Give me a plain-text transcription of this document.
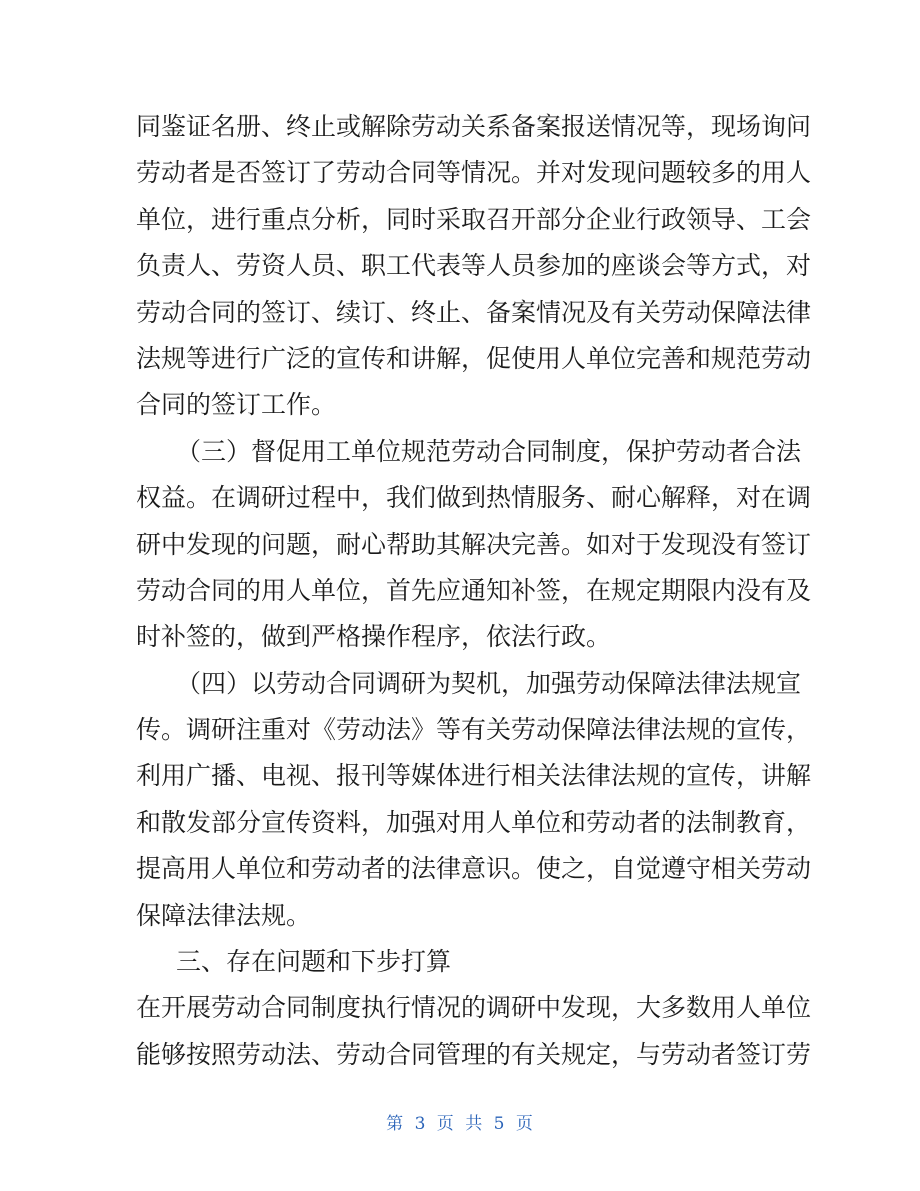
同鉴证名册、终止或解除劳动关系备案报送情况等，现场询问
劳动者是否签订了劳动合同等情况。并对发现问题较多的用人
单位，进行重点分析，同时采取召开部分企业行政领导、工会
负责人、劳资人员、职工代表等人员参加的座谈会等方式，对
劳动合同的签订、续订、终止、备案情况及有关劳动保障法律
法规等进行广泛的宣传和讲解，促使用人单位完善和规范劳动
合同的签订工作。
（三）督促用工单位规范劳动合同制度，保护劳动者合法
权益。在调研过程中，我们做到热情服务、耐心解释，对在调
研中发现的问题，耐心帮助其解决完善。如对于发现没有签订
劳动合同的用人单位，首先应通知补签，在规定期限内没有及
时补签的，做到严格操作程序，依法行政。
（四）以劳动合同调研为契机，加强劳动保障法律法规宣
传。调研注重对《劳动法》等有关劳动保障法律法规的宣传，
利用广播、电视、报刊等媒体进行相关法律法规的宣传，讲解
和散发部分宣传资料，加强对用人单位和劳动者的法制教育，
提高用人单位和劳动者的法律意识。使之，自觉遵守相关劳动
保障法律法规。
三、存在问题和下步打算
在开展劳动合同制度执行情况的调研中发现，大多数用人单位
能够按照劳动法、劳动合同管理的有关规定，与劳动者签订劳
第 3 页 共 5 页
